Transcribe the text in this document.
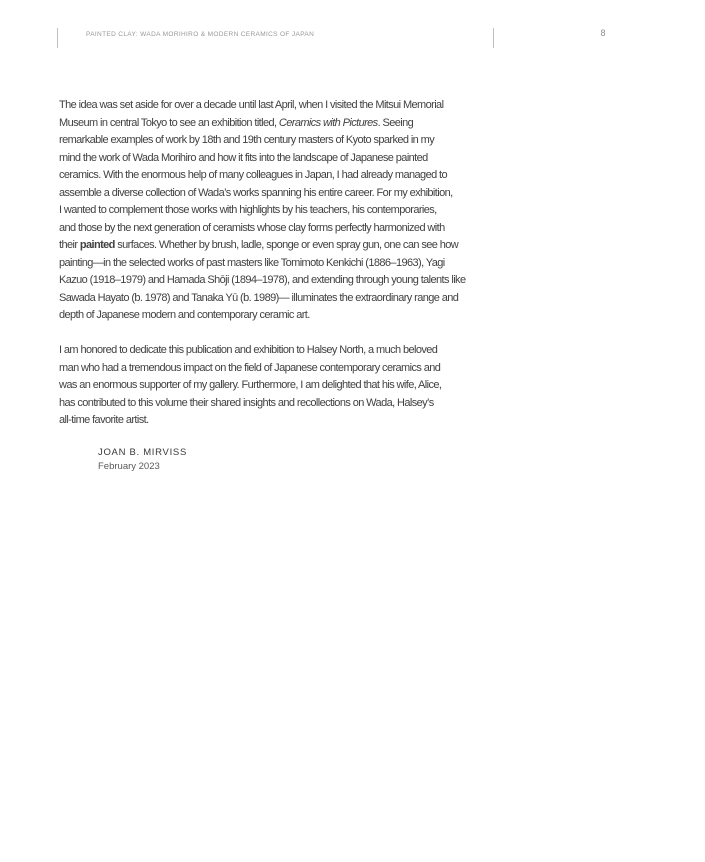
PAINTED CLAY: WADA MORIHIRO & MODERN CERAMICS OF JAPAN	8
The idea was set aside for over a decade until last April, when I visited the Mitsui Memorial
Museum in central Tokyo to see an exhibition titled, Ceramics with Pictures. Seeing
remarkable examples of work by 18th and 19th century masters of Kyoto sparked in my
mind the work of Wada Morihiro and how it fits into the landscape of Japanese painted
ceramics. With the enormous help of many colleagues in Japan, I had already managed to
assemble a diverse collection of Wada’s works spanning his entire career. For my exhibition,
I wanted to complement those works with highlights by his teachers, his contemporaries,
and those by the next generation of ceramists whose clay forms perfectly harmonized with
their painted surfaces. Whether by brush, ladle, sponge or even spray gun, one can see how
painting—in the selected works of past masters like Tomimoto Kenkichi (1886–1963), Yagi
Kazuo (1918–1979) and Hamada Shōji (1894–1978), and extending through young talents like
Sawada Hayato (b. 1978) and Tanaka Yū (b. 1989)— illuminates the extraordinary range and
depth of Japanese modern and contemporary ceramic art.
I am honored to dedicate this publication and exhibition to Halsey North, a much beloved
man who had a tremendous impact on the field of Japanese contemporary ceramics and
was an enormous supporter of my gallery. Furthermore, I am delighted that his wife, Alice,
has contributed to this volume their shared insights and recollections on Wada, Halsey’s
all-time favorite artist.
JOAN B. MIRVISS
February 2023
